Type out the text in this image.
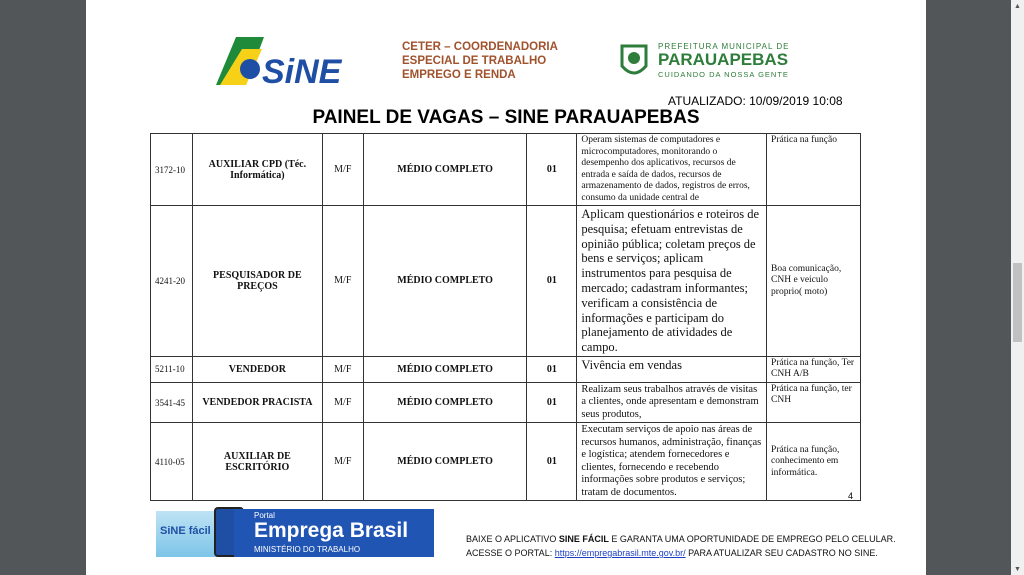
SiNE
CETER – COORDENADORIA
ESPECIAL DE TRABALHO
EMPREGO E RENDA
PREFEITURA MUNICIPAL DE
PARAUAPEBAS
CUIDANDO DA NOSSA GENTE
ATUALIZADO: 10/09/2019 10:08
PAINEL DE VAGAS – SINE PARAUAPEBAS
3172-10	AUXILIAR CPD (Téc. Informática)	M/F	MÉDIO COMPLETO	01	Operam sistemas de computadores e microcomputadores, monitorando o desempenho dos aplicativos, recursos de entrada e saída de dados, recursos de armazenamento de dados, registros de erros, consumo da unidade central de	Prática na função
4241-20	PESQUISADOR DE PREÇOS	M/F	MÉDIO COMPLETO	01	Aplicam questionários e roteiros de pesquisa; efetuam entrevistas de opinião pública; coletam preços de bens e serviços; aplicam instrumentos para pesquisa de mercado; cadastram informantes; verificam a consistência de informações e participam do planejamento de atividades de campo.	Boa comunicação, CNH e veiculo proprio( moto)
5211-10	VENDEDOR	M/F	MÉDIO COMPLETO	01	Vivência em vendas	Prática na função, Ter CNH A/B
3541-45	VENDEDOR PRACISTA	M/F	MÉDIO COMPLETO	01	Realizam seus trabalhos através de visitas a clientes, onde apresentam e demonstram seus produtos,	Prática na função, ter CNH
4110-05	AUXILIAR DE ESCRITÓRIO	M/F	MÉDIO COMPLETO	01	Executam serviços de apoio nas áreas de recursos humanos, administração, finanças e logística; atendem fornecedores e clientes, fornecendo e recebendo informações sobre produtos e serviços; tratam de documentos.	Prática na função, conhecimento em informática.
4
SiNE fácil
Portal
Emprega Brasil
MINISTÉRIO DO TRABALHO
BAIXE O APLICATIVO SINE FÁCIL E GARANTA UMA OPORTUNIDADE DE EMPREGO PELO CELULAR.
ACESSE O PORTAL: https://empregabrasil.mte.gov.br/ PARA ATUALIZAR SEU CADASTRO NO SINE.
▲
▼
